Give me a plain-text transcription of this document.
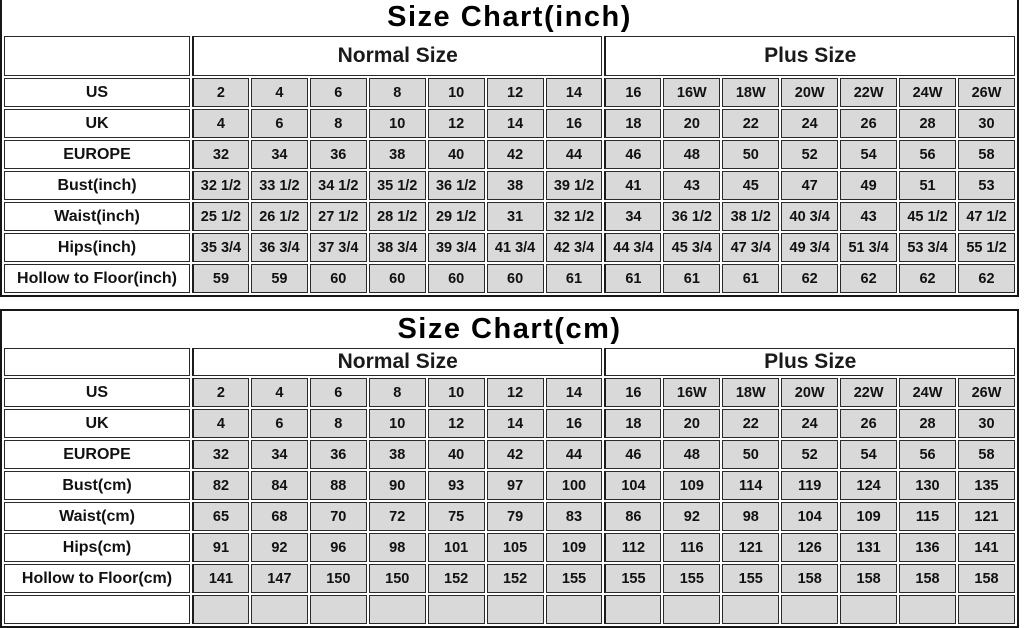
Size Chart(inch)														
	Normal Size							Plus Size						
US	2	4	6	8	10	12	14	16	16W	18W	20W	22W	24W	26W
UK	4	6	8	10	12	14	16	18	20	22	24	26	28	30
EUROPE	32	34	36	38	40	42	44	46	48	50	52	54	56	58
Bust(inch)	32 1/2	33 1/2	34 1/2	35 1/2	36 1/2	38	39 1/2	41	43	45	47	49	51	53
Waist(inch)	25 1/2	26 1/2	27 1/2	28 1/2	29 1/2	31	32 1/2	34	36 1/2	38 1/2	40 3/4	43	45 1/2	47 1/2
Hips(inch)	35 3/4	36 3/4	37 3/4	38 3/4	39 3/4	41 3/4	42 3/4	44 3/4	45 3/4	47 3/4	49 3/4	51 3/4	53 3/4	55 1/2
Hollow to Floor(inch)	59	59	60	60	60	60	61	61	61	61	62	62	62	62
Size Chart(cm)														
	Normal Size							Plus Size						
US	2	4	6	8	10	12	14	16	16W	18W	20W	22W	24W	26W
UK	4	6	8	10	12	14	16	18	20	22	24	26	28	30
EUROPE	32	34	36	38	40	42	44	46	48	50	52	54	56	58
Bust(cm)	82	84	88	90	93	97	100	104	109	114	119	124	130	135
Waist(cm)	65	68	70	72	75	79	83	86	92	98	104	109	115	121
Hips(cm)	91	92	96	98	101	105	109	112	116	121	126	131	136	141
Hollow to Floor(cm)	141	147	150	150	152	152	155	155	155	155	158	158	158	158
